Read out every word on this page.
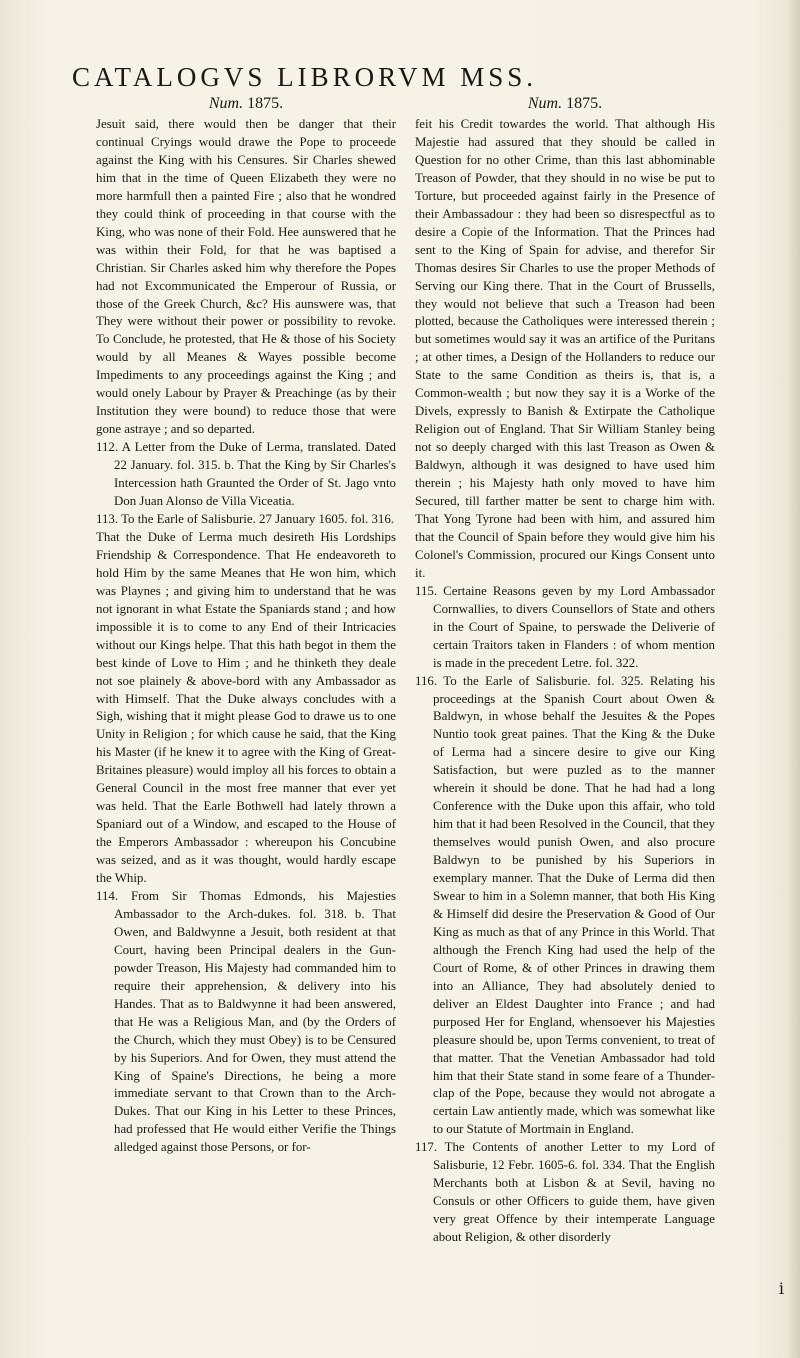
CATALOGVS LIBRORVM MSS.
Num. 1875.

Jesuit said, there would then be danger that their continual Cryings would drawe the Pope to proceede against the King with his Censures. Sir Charles shewed him that in the time of Queen Elizabeth they were no more harmfull then a painted Fire ; also that he wondred they could think of proceeding in that course with the King, who was none of their Fold. Hee aunswered that he was within their Fold, for that he was baptised a Christian. Sir Charles asked him why therefore the Popes had not Excommunicated the Emperour of Russia, or those of the Greek Church, &c? His aunswere was, that They were without their power or possibility to revoke. To Conclude, he protested, that He & those of his Society would by all Meanes & Wayes possible become Impediments to any proceedings against the King ; and would onely Labour by Prayer & Preachinge (as by their Institution they were bound) to reduce those that were gone astraye ; and so departed.

112. A Letter from the Duke of Lerma, translated. Dated 22 January. fol. 315. b. That the King by Sir Charles's Intercession hath Graunted the Order of St. Jago vnto Don Juan Alonso de Villa Viceatia.

113. To the Earle of Salisburie. 27 January 1605. fol. 316.

That the Duke of Lerma much desireth His Lordships Friendship & Correspondence. That He endeavoreth to hold Him by the same Meanes that He won him, which was Playnes ; and giving him to understand that he was not ignorant in what Estate the Spaniards stand ; and how impossible it is to come to any End of their Intricacies without our Kings helpe. That this hath begot in them the best kinde of Love to Him ; and he thinketh they deale not soe plainely & above-bord with any Ambassador as with Himself. That the Duke always concludes with a Sigh, wishing that it might please God to drawe us to one Unity in Religion ; for which cause he said, that the King his Master (if he knew it to agree with the King of Great-Britaines pleasure) would imploy all his forces to obtain a General Council in the most free manner that ever yet was held. That the Earle Bothwell had lately thrown a Spaniard out of a Window, and escaped to the House of the Emperors Ambassador : whereupon his Concubine was seized, and as it was thought, would hardly escape the Whip.

114. From Sir Thomas Edmonds, his Majesties Ambassador to the Arch-dukes. fol. 318. b. That Owen, and Baldwynne a Jesuit, both resident at that Court, having been Principal dealers in the Gun-powder Treason, His Majesty had commanded him to require their apprehension, & delivery into his Handes. That as to Baldwynne it had been answered, that He was a Religious Man, and (by the Orders of the Church, which they must Obey) is to be Censured by his Superiors. And for Owen, they must attend the King of Spaine's Directions, he being a more immediate servant to that Crown than to the Arch-Dukes. That our King in his Letter to these Princes, had professed that He would either Verifie the Things alledged against those Persons, or for-

Num. 1875.

feit his Credit towardes the world. That although His Majestie had assured that they should be called in Question for no other Crime, than this last abhominable Treason of Powder, that they should in no wise be put to Torture, but proceeded against fairly in the Presence of their Ambassadour : they had been so disrespectful as to desire a Copie of the Information. That the Princes had sent to the King of Spain for advise, and therefor Sir Thomas desires Sir Charles to use the proper Methods of Serving our King there. That in the Court of Brussells, they would not believe that such a Treason had been plotted, because the Catholiques were interessed therein ; but sometimes would say it was an artifice of the Puritans ; at other times, a Design of the Hollanders to reduce our State to the same Condition as theirs is, that is, a Common-wealth ; but now they say it is a Worke of the Divels, expressly to Banish & Extirpate the Catholique Religion out of England. That Sir William Stanley being not so deeply charged with this last Treason as Owen & Baldwyn, although it was designed to have used him therein ; his Majesty hath only moved to have him Secured, till farther matter be sent to charge him with. That Yong Tyrone had been with him, and assured him that the Council of Spain before they would give him his Colonel's Commission, procured our Kings Consent unto it.

115. Certaine Reasons geven by my Lord Ambassador Cornwallies, to divers Counsellors of State and others in the Court of Spaine, to perswade the Deliverie of certain Traitors taken in Flanders : of whom mention is made in the precedent Letre. fol. 322.

116. To the Earle of Salisburie. fol. 325. Relating his proceedings at the Spanish Court about Owen & Baldwyn, in whose behalf the Jesuites & the Popes Nuntio took great paines. That the King & the Duke of Lerma had a sincere desire to give our King Satisfaction, but were puzled as to the manner wherein it should be done. That he had had a long Conference with the Duke upon this affair, who told him that it had been Resolved in the Council, that they themselves would punish Owen, and also procure Baldwyn to be punished by his Superiors in exemplary manner. That the Duke of Lerma did then Swear to him in a Solemn manner, that both His King & Himself did desire the Preservation & Good of Our King as much as that of any Prince in this World. That although the French King had used the help of the Court of Rome, & of other Princes in drawing them into an Alliance, They had absolutely denied to deliver an Eldest Daughter into France ; and had purposed Her for England, whensoever his Majesties pleasure should be, upon Terms convenient, to treat of that matter. That the Venetian Ambassador had told him that their State stand in some feare of a Thunder-clap of the Pope, because they would not abrogate a certain Law antiently made, which was somewhat like to our Statute of Mortmain in England.

117. The Contents of another Letter to my Lord of Salisburie, 12 Febr. 1605-6. fol. 334. That the English Merchants both at Lisbon & at Sevil, having no Consuls or other Officers to guide them, have given very great Offence by their intemperate Language about Religion, & other disorderly

i
